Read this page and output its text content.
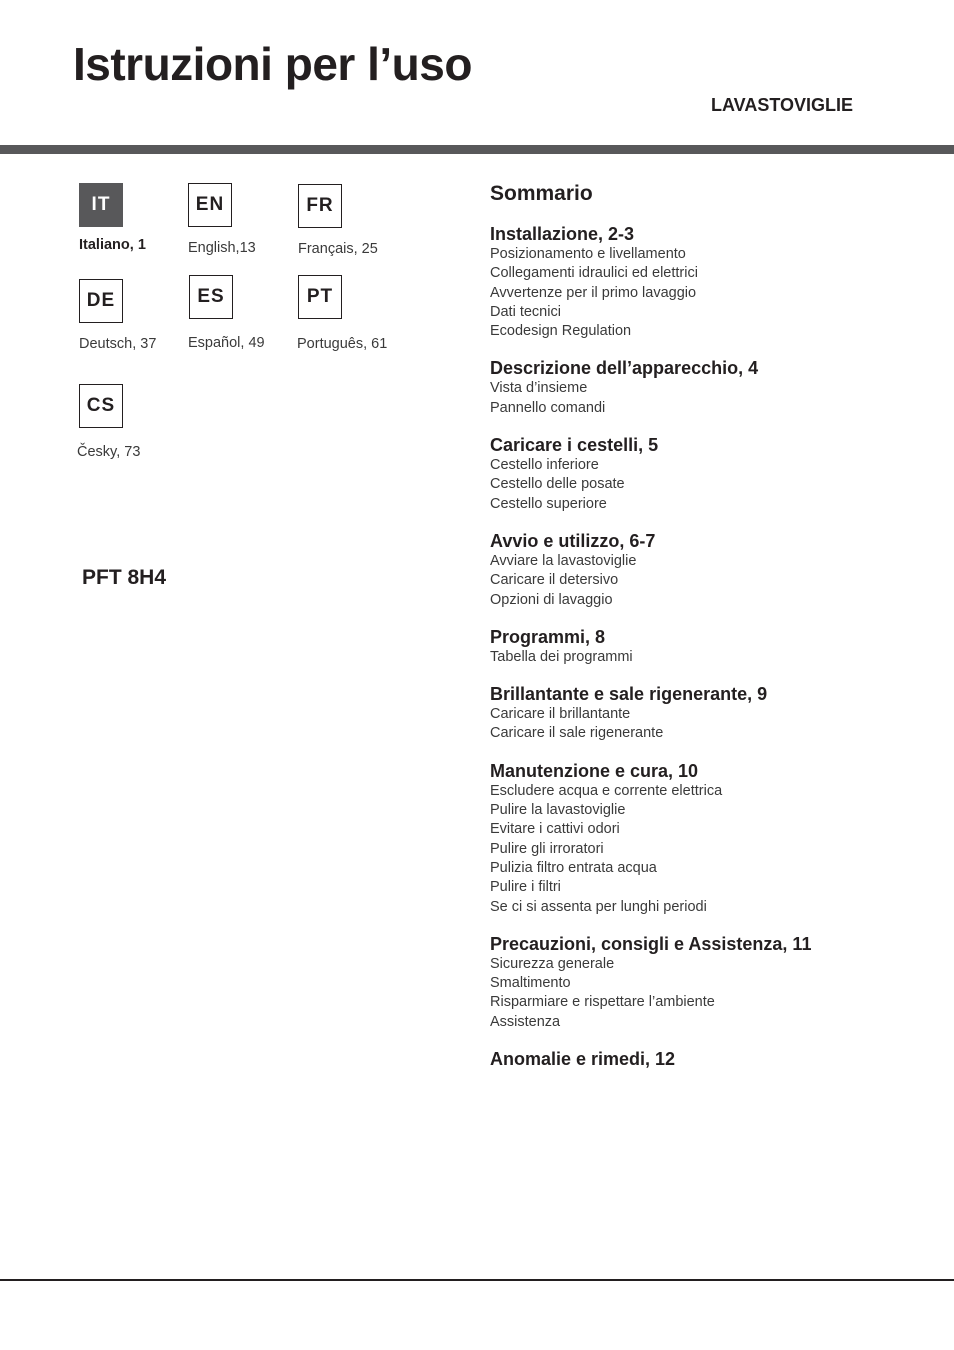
Istruzioni per l’uso
LAVASTOVIGLIE
IT
Italiano, 1
EN
English,13
FR
Français, 25
DE
Deutsch, 37
ES
Español, 49
PT
Português, 61
CS
Česky, 73
PFT 8H4
Sommario
Installazione, 2-3
Posizionamento e livellamento
Collegamenti idraulici ed elettrici
Avvertenze per il primo lavaggio
Dati tecnici
Ecodesign Regulation
Descrizione dell’apparecchio, 4
Vista d’insieme
Pannello comandi
Caricare i cestelli, 5
Cestello inferiore
Cestello delle posate
Cestello superiore
Avvio e utilizzo, 6-7
Avviare la lavastoviglie
Caricare il detersivo
Opzioni di lavaggio
Programmi, 8
Tabella dei programmi
Brillantante e sale rigenerante, 9
Caricare il brillantante
Caricare il sale rigenerante
Manutenzione e cura, 10
Escludere acqua e corrente elettrica
Pulire la lavastoviglie
Evitare i cattivi odori
Pulire gli irroratori
Pulizia filtro entrata acqua
Pulire i filtri
Se ci si assenta per lunghi periodi
Precauzioni, consigli e Assistenza, 11
Sicurezza generale
Smaltimento
Risparmiare e rispettare l’ambiente
Assistenza
Anomalie e rimedi, 12
